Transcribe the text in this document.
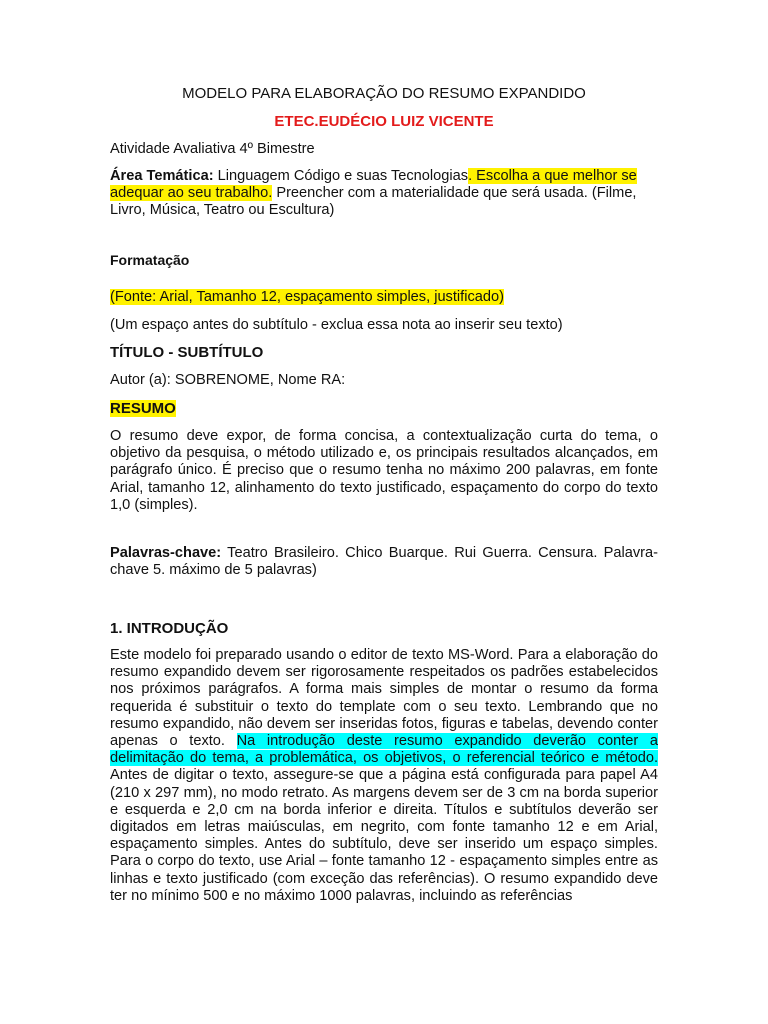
MODELO PARA ELABORAÇÃO DO RESUMO EXPANDIDO

ETEC.EUDÉCIO LUIZ VICENTE

Atividade Avaliativa 4º Bimestre

Área Temática: Linguagem Código e suas Tecnologias. Escolha a que melhor se adequar ao seu trabalho. Preencher com a materialidade que será usada. (Filme, Livro, Música, Teatro ou Escultura)

Formatação

(Fonte: Arial, Tamanho 12, espaçamento simples, justificado)

(Um espaço antes do subtítulo - exclua essa nota ao inserir seu texto)

TÍTULO - SUBTÍTULO

Autor (a): SOBRENOME, Nome RA:

RESUMO

O resumo deve expor, de forma concisa, a contextualização curta do tema, o objetivo da pesquisa, o método utilizado e, os principais resultados alcançados, em parágrafo único. É preciso que o resumo tenha no máximo 200 palavras, em fonte Arial, tamanho 12, alinhamento do texto justificado, espaçamento do corpo do texto 1,0 (simples).

Palavras-chave: Teatro Brasileiro. Chico Buarque. Rui Guerra. Censura. Palavra-chave 5. máximo de 5 palavras)

1. INTRODUÇÃO

Este modelo foi preparado usando o editor de texto MS-Word. Para a elaboração do resumo expandido devem ser rigorosamente respeitados os padrões estabelecidos nos próximos parágrafos. A forma mais simples de montar o resumo da forma requerida é substituir o texto do template com o seu texto. Lembrando que no resumo expandido, não devem ser inseridas fotos, figuras e tabelas, devendo conter apenas o texto. Na introdução deste resumo expandido deverão conter a delimitação do tema, a problemática, os objetivos, o referencial teórico e método. Antes de digitar o texto, assegure-se que a página está configurada para papel A4 (210 x 297 mm), no modo retrato. As margens devem ser de 3 cm na borda superior e esquerda e 2,0 cm na borda inferior e direita. Títulos e subtítulos deverão ser digitados em letras maiúsculas, em negrito, com fonte tamanho 12 e em Arial, espaçamento simples. Antes do subtítulo, deve ser inserido um espaço simples. Para o corpo do texto, use Arial – fonte tamanho 12 - espaçamento simples entre as linhas e texto justificado (com exceção das referências). O resumo expandido deve ter no mínimo 500 e no máximo 1000 palavras, incluindo as referências
